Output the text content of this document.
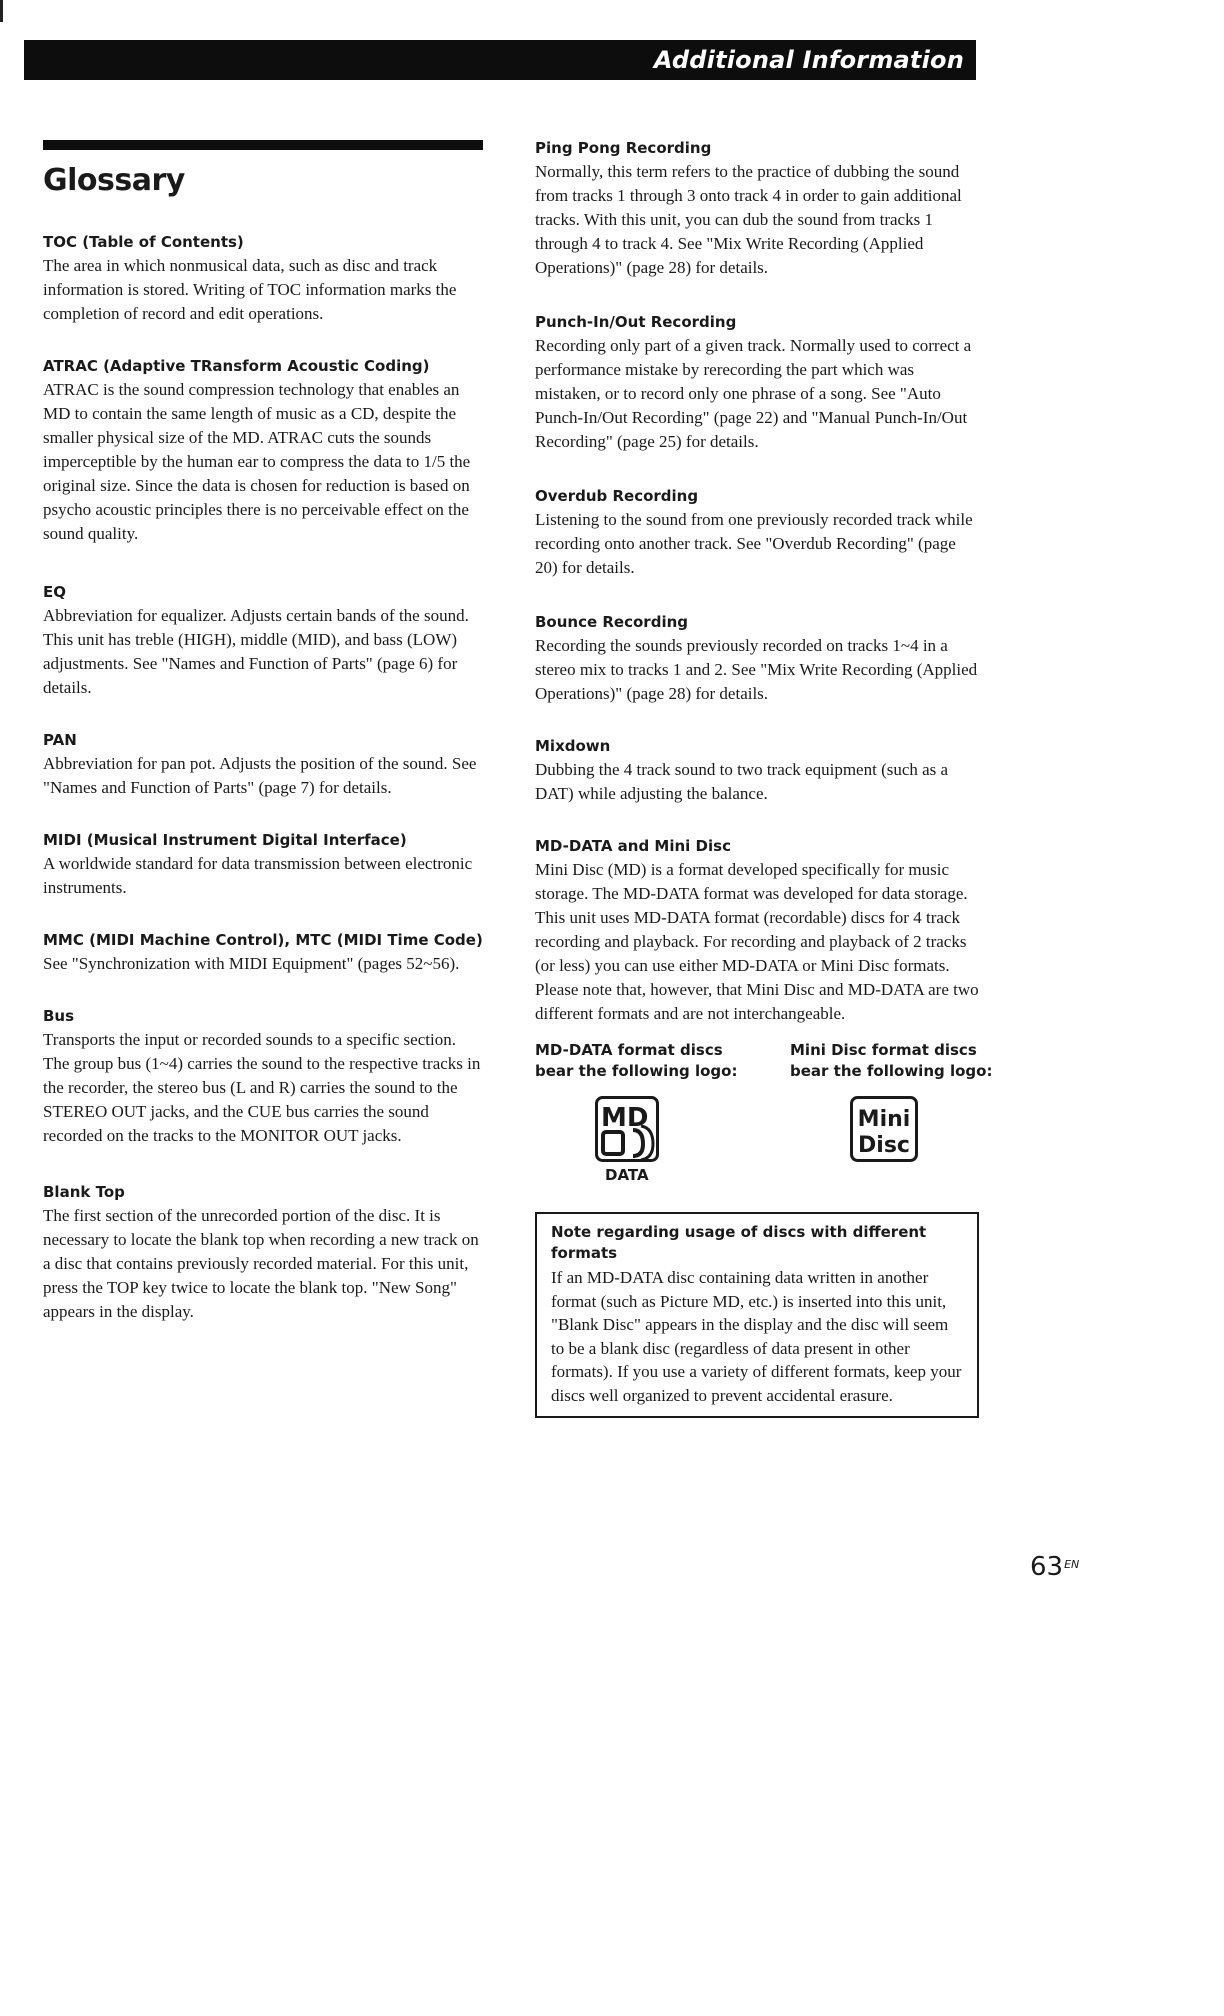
Additional Information
Glossary
TOC (Table of Contents)

The area in which nonmusical data, such as disc and track information is stored. Writing of TOC information marks the completion of record and edit operations.

ATRAC (Adaptive TRansform Acoustic Coding)

ATRAC is the sound compression technology that enables an MD to contain the same length of music as a CD, despite the smaller physical size of the MD. ATRAC cuts the sounds imperceptible by the human ear to compress the data to 1/5 the original size. Since the data is chosen for reduction is based on psycho acoustic principles there is no perceivable effect on the sound quality.

EQ

Abbreviation for equalizer. Adjusts certain bands of the sound. This unit has treble (HIGH), middle (MID), and bass (LOW) adjustments. See "Names and Function of Parts" (page 6) for details.

PAN

Abbreviation for pan pot. Adjusts the position of the sound. See "Names and Function of Parts" (page 7) for details.

MIDI (Musical Instrument Digital Interface)

A worldwide standard for data transmission between electronic instruments.

MMC (MIDI Machine Control), MTC (MIDI Time Code)

See "Synchronization with MIDI Equipment" (pages 52~56).

Bus

Transports the input or recorded sounds to a specific section. The group bus (1~4) carries the sound to the respective tracks in the recorder, the stereo bus (L and R) carries the sound to the STEREO OUT jacks, and the CUE bus carries the sound recorded on the tracks to the MONITOR OUT jacks.

Blank Top

The first section of the unrecorded portion of the disc. It is necessary to locate the blank top when recording a new track on a disc that contains previously recorded material. For this unit, press the TOP key twice to locate the blank top. "New Song" appears in the display.

Ping Pong Recording

Normally, this term refers to the practice of dubbing the sound from tracks 1 through 3 onto track 4 in order to gain additional tracks. With this unit, you can dub the sound from tracks 1 through 4 to track 4. See "Mix Write Recording (Applied Operations)" (page 28) for details.

Punch-In/Out Recording

Recording only part of a given track. Normally used to correct a performance mistake by rerecording the part which was mistaken, or to record only one phrase of a song. See "Auto Punch-In/Out Recording" (page 22) and "Manual Punch-In/Out Recording" (page 25) for details.

Overdub Recording

Listening to the sound from one previously recorded track while recording onto another track. See "Overdub Recording" (page 20) for details.

Bounce Recording

Recording the sounds previously recorded on tracks 1~4 in a stereo mix to tracks 1 and 2. See "Mix Write Recording (Applied Operations)" (page 28) for details.

Mixdown

Dubbing the 4 track sound to two track equipment (such as a DAT) while adjusting the balance.

MD-DATA and Mini Disc

Mini Disc (MD) is a format developed specifically for music storage. The MD-DATA format was developed for data storage. This unit uses MD-DATA format (recordable) discs for 4 track recording and playback. For recording and playback of 2 tracks (or less) you can use either MD-DATA or Mini Disc formats. Please note that, however, that Mini Disc and MD-DATA are two different formats and are not interchangeable.

MD-DATA format discs
bear the following logo:
MD
DATA
Mini Disc format discs
bear the following logo:
Mini
Disc
Note regarding usage of discs with different formats

If an MD-DATA disc containing data written in another format (such as Picture MD, etc.) is inserted into this unit, "Blank Disc" appears in the display and the disc will seem to be a blank disc (regardless of data present in other formats). If you use a variety of different formats, keep your discs well organized to prevent accidental erasure.

$63^{EN}$
